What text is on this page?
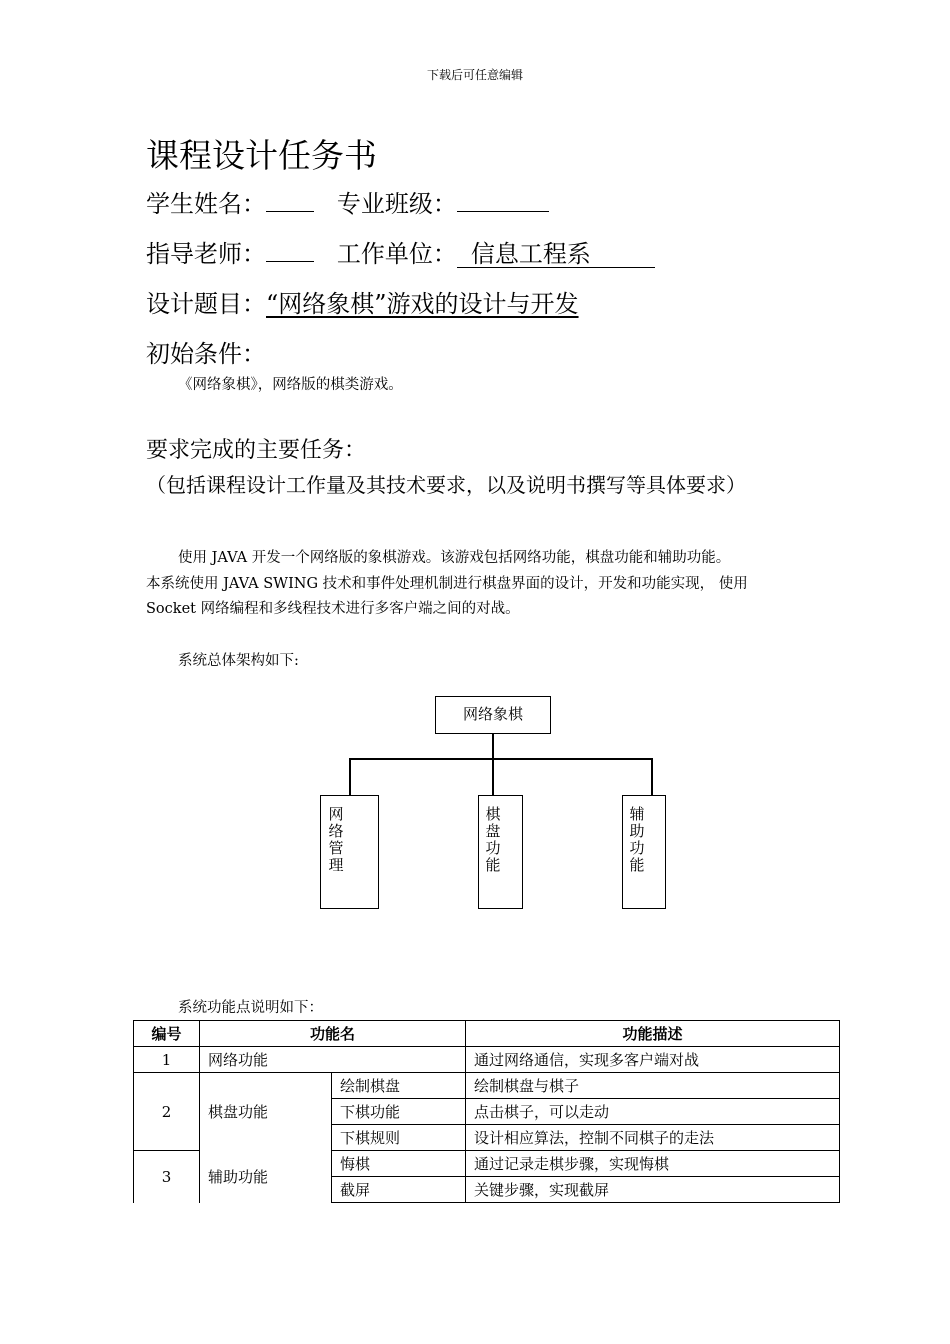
下载后可任意编辑
课程设计任务书
学生姓名：	专业班级：
指导老师：	工作单位： 信息工程系
设计题目：“网络象棋”游戏的设计与开发
初始条件：
《网络象棋》，网络版的棋类游戏。
要求完成的主要任务：
（包括课程设计工作量及其技术要求，以及说明书撰写等具体要求）
使用 JAVA 开发一个网络版的象棋游戏。该游戏包括网络功能，棋盘功能和辅助功能。
本系统使用 JAVA SWING 技术和事件处理机制进行棋盘界面的设计，开发和功能实现， 使用
Socket 网络编程和多线程技术进行多客户端之间的对战。
系统总体架构如下:
网络象棋
网络管理
棋盘功能
辅助功能
系统功能点说明如下：
编号	功能名		功能描述
1	网络功能		通过网络通信，实现多客户端对战
2	棋盘功能	绘制棋盘	绘制棋盘与棋子
		下棋功能	点击棋子，可以走动
		下棋规则	设计相应算法，控制不同棋子的走法
3	辅助功能	悔棋	通过记录走棋步骤，实现悔棋
		截屏	关键步骤，实现截屏
